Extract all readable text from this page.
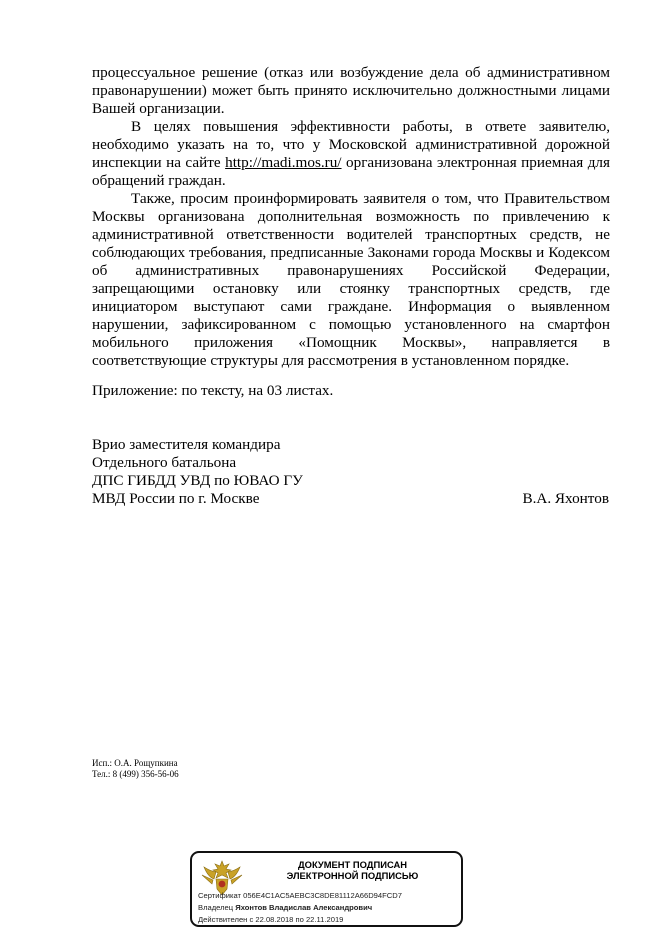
процессуальное решение (отказ или возбуждение дела об административном правонарушении) может быть принято исключительно должностными лицами Вашей организации.

В целях повышения эффективности работы, в ответе заявителю, необходимо указать на то, что у Московской административной дорожной инспекции на сайте http://madi.mos.ru/ организована электронная приемная для обращений граждан.

Также, просим проинформировать заявителя о том, что Правительством Москвы организована дополнительная возможность по привлечению к административной ответственности водителей транспортных средств, не соблюдающих требования, предписанные Законами города Москвы и Кодексом об административных правонарушениях Российской Федерации, запрещающими остановку или стоянку транспортных средств, где инициатором выступают сами граждане. Информация о выявленном нарушении, зафиксированном с помощью установленного на смартфон мобильного приложения «Помощник Москвы», направляется в соответствующие структуры для рассмотрения в установленном порядке.

Приложение: по тексту, на 03 листах.
Врио заместителя командира
Отдельного батальона
ДПС ГИБДД УВД по ЮВАО ГУ
МВД России по г. Москве	В.А. Яхонтов
Исп.: О.А. Рощупкина
Тел.: 8 (499) 356-56-06
ДОКУМЕНТ ПОДПИСАН
ЭЛЕКТРОННОЙ ПОДПИСЬЮ
Сертификат 056E4C1AC5AEBC3C8DE81112A66D94FCD7
Владелец Яхонтов Владислав Александрович
Действителен с 22.08.2018 по 22.11.2019
